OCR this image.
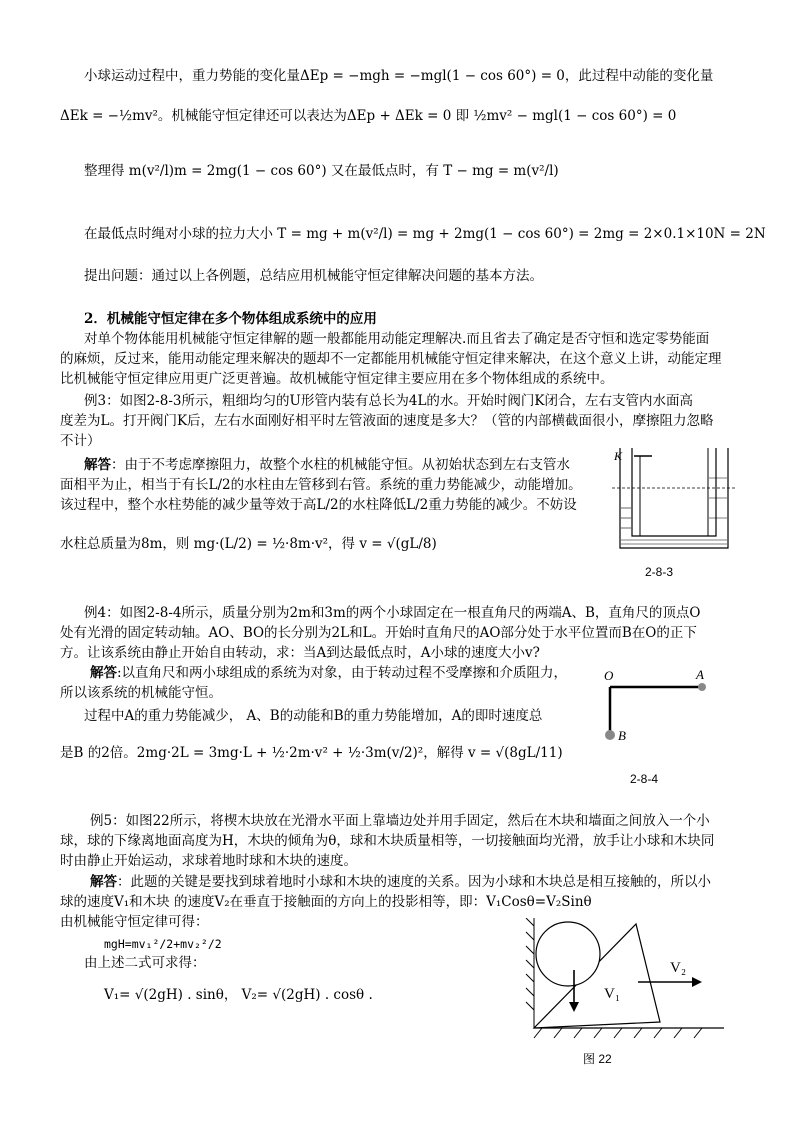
小球运动过程中，重力势能的变化量ΔEp = −mgh = −mgl(1 − cos 60°) = 0，此过程中动能的变化量
ΔEk = −½mv²。机械能守恒定律还可以表达为ΔEp + ΔEk = 0 即 ½mv² − mgl(1 − cos 60°) = 0
整理得 m(v²/l)m = 2mg(1 − cos 60°) 又在最低点时，有 T − mg = m(v²/l)
在最低点时绳对小球的拉力大小 T = mg + m(v²/l) = mg + 2mg(1 − cos 60°) = 2mg = 2×0.1×10N = 2N
提出问题：通过以上各例题，总结应用机械能守恒定律解决问题的基本方法。
2．机械能守恒定律在多个物体组成系统中的应用
对单个物体能用机械能守恒定律解的题一般都能用动能定理解决.而且省去了确定是否守恒和选定零势能面
的麻烦，反过来，能用动能定理来解决的题却不一定都能用机械能守恒定律来解决，在这个意义上讲，动能定理
比机械能守恒定律应用更广泛更普遍。故机械能守恒定律主要应用在多个物体组成的系统中。
例3：如图2-8-3所示，粗细均匀的U形管内装有总长为4L的水。开始时阀门K闭合，左右支管内水面高
度差为L。打开阀门K后，左右水面刚好相平时左管液面的速度是多大？（管的内部横截面很小，摩擦阻力忽略
不计）
解答：由于不考虑摩擦阻力，故整个水柱的机械能守恒。从初始状态到左右支管水
面相平为止，相当于有长L/2的水柱由左管移到右管。系统的重力势能减少，动能增加。
该过程中，整个水柱势能的减少量等效于高L/2的水柱降低L/2重力势能的减少。不妨设
水柱总质量为8m，则 mg·(L/2) = ½·8m·v²，得 v = √(gL/8)
K
2-8-3
例4：如图2-8-4所示，质量分别为2m和3m的两个小球固定在一根直角尺的两端A、B，直角尺的顶点O
处有光滑的固定转动轴。AO、BO的长分别为2L和L。开始时直角尺的AO部分处于水平位置而B在O的正下
方。让该系统由静止开始自由转动，求：当A到达最低点时，A小球的速度大小v?
解答:以直角尺和两小球组成的系统为对象，由于转动过程不受摩擦和介质阻力，
所以该系统的机械能守恒。
过程中A的重力势能减少， A、B的动能和B的重力势能增加，A的即时速度总
是B 的2倍。2mg·2L = 3mg·L + ½·2m·v² + ½·3m(v/2)²，解得 v = √(8gL/11)
O	A
B
2-8-4
例5：如图22所示，将楔木块放在光滑水平面上靠墙边处并用手固定，然后在木块和墙面之间放入一个小
球，球的下缘离地面高度为H，木块的倾角为θ，球和木块质量相等，一切接触面均光滑，放手让小球和木块同
时由静止开始运动，求球着地时球和木块的速度。
解答：此题的关键是要找到球着地时小球和木块的速度的关系。因为小球和木块总是相互接触的，所以小
球的速度V₁和木块 的速度V₂在垂直于接触面的方向上的投影相等，即：V₁Cosθ=V₂Sinθ
由机械能守恒定律可得：
mgH=mv₁²/2+mv₂²/2
由上述二式可求得：
V₁= √(2gH) . sinθ， V₂= √(2gH) . cosθ .	V₁
V₂
图 22
